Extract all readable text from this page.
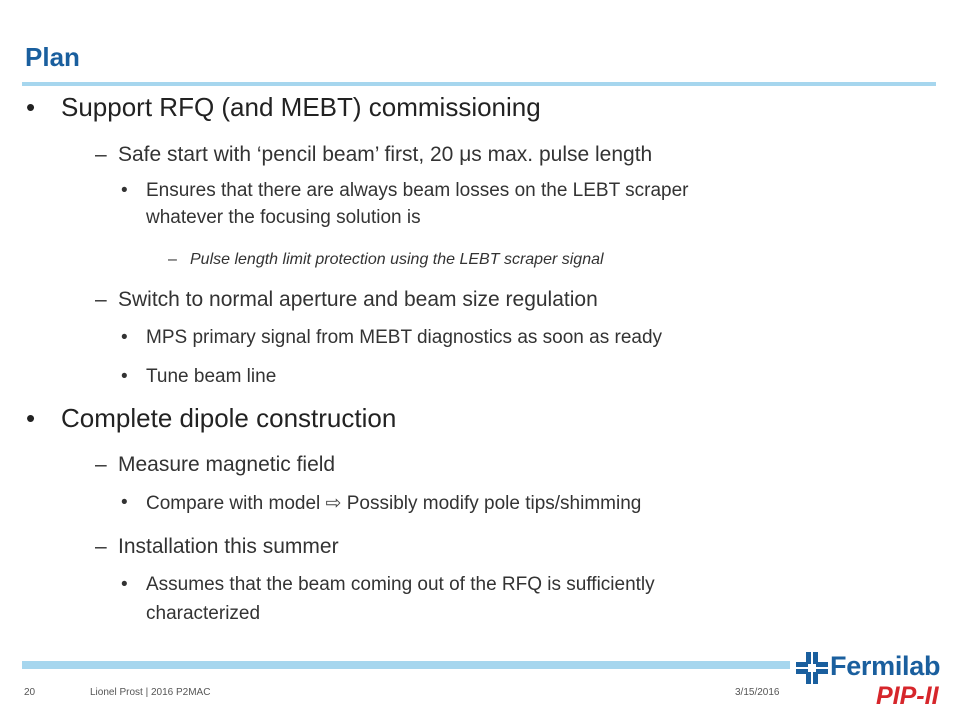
Plan
• Support RFQ (and MEBT) commissioning
– Safe start with ‘pencil beam’ first, 20 μs max. pulse length
• Ensures that there are always beam losses on the LEBT scraper
whatever the focusing solution is
– Pulse length limit protection using the LEBT scraper signal
– Switch to normal aperture and beam size regulation
• MPS primary signal from MEBT diagnostics as soon as ready
• Tune beam line
• Complete dipole construction
– Measure magnetic field
• Compare with model ⇨ Possibly modify pole tips/shimming
– Installation this summer
• Assumes that the beam coming out of the RFQ is sufficiently
characterized
20	Lionel Prost | 2016 P2MAC	3/15/2016
Fermilab
PIP-II
